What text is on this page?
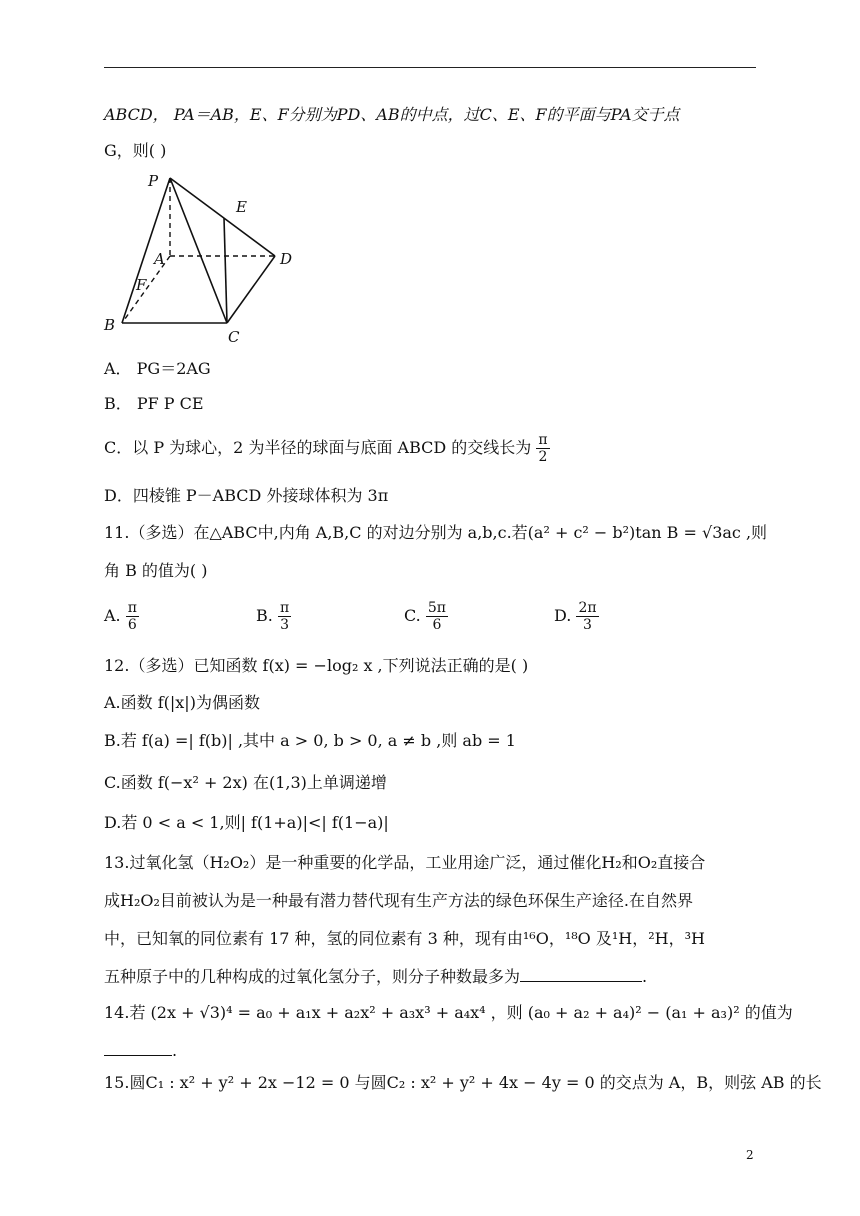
ABCD， PA＝AB，E、F分别为PD、AB的中点，过C、E、F的平面与PA交于点
G，则( )
P
E
A	D
F
B
C
A． PG＝2AG
B． PF P CE
C．以 P 为球心，2 为半径的球面与底面 ABCD 的交线长为 $\frac{\pi}{2}$
D．四棱锥 P－ABCD 外接球体积为 3π
11.（多选）在△ABC中,内角 A,B,C 的对边分别为 a,b,c.若(a² + c² − b²)tan B = √3ac ,则
角 B 的值为( )
A. $\frac{\pi}{6}$	B. $\frac{\pi}{3}$	C. $\frac{5\pi}{6}$	D. $\frac{2\pi}{3}$
12.（多选）已知函数 f(x) = −log₂ x ,下列说法正确的是( )
A.函数 f(|x|)为偶函数
B.若 f(a) =| f(b)| ,其中 a > 0, b > 0, a ≠ b ,则 ab = 1
C.函数 f(−x² + 2x) 在(1,3)上单调递增
D.若 0 < a < 1,则| f(1+a)|<| f(1−a)|
13.过氧化氢（H₂O₂）是一种重要的化学品，工业用途广泛，通过催化H₂和O₂直接合
成H₂O₂目前被认为是一种最有潜力替代现有生产方法的绿色环保生产途径.在自然界
中，已知氧的同位素有 17 种，氢的同位素有 3 种，现有由¹⁶O，¹⁸O 及¹H，²H，³H
五种原子中的几种构成的过氧化氢分子，则分子种数最多为	.
14.若 (2x + √3)⁴ = a₀ + a₁x + a₂x² + a₃x³ + a₄x⁴ ，则 (a₀ + a₂ + a₄)² − (a₁ + a₃)² 的值为
.
15.圆C₁ : x² + y² + 2x −12 = 0 与圆C₂ : x² + y² + 4x − 4y = 0 的交点为 A，B，则弦 AB 的长
2
